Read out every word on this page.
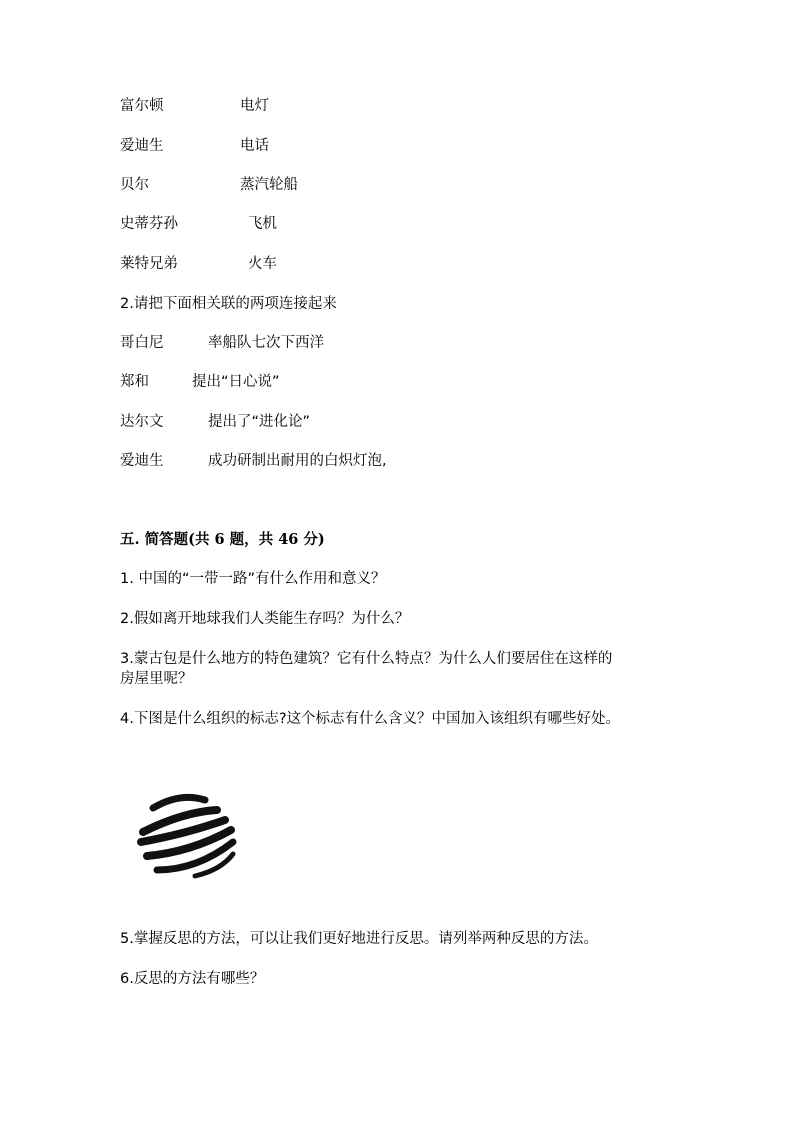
富尔顿	电灯
爱迪生	电话
贝尔	蒸汽轮船
史蒂芬孙	飞机
莱特兄弟	火车
2.请把下面相关联的两项连接起来
哥白尼	率船队七次下西洋
郑和	提出“日心说”
达尔文	提出了“进化论”
爱迪生	成功研制出耐用的白炽灯泡,
五. 简答题(共 6 题，共 46 分)
1. 中国的“一带一路”有什么作用和意义？
2.假如离开地球我们人类能生存吗？为什么？
3.蒙古包是什么地方的特色建筑？它有什么特点？为什么人们要居住在这样的
房屋里呢？
4.下图是什么组织的标志?这个标志有什么含义？中国加入该组织有哪些好处。
5.掌握反思的方法，可以让我们更好地进行反思。请列举两种反思的方法。
6.反思的方法有哪些？
